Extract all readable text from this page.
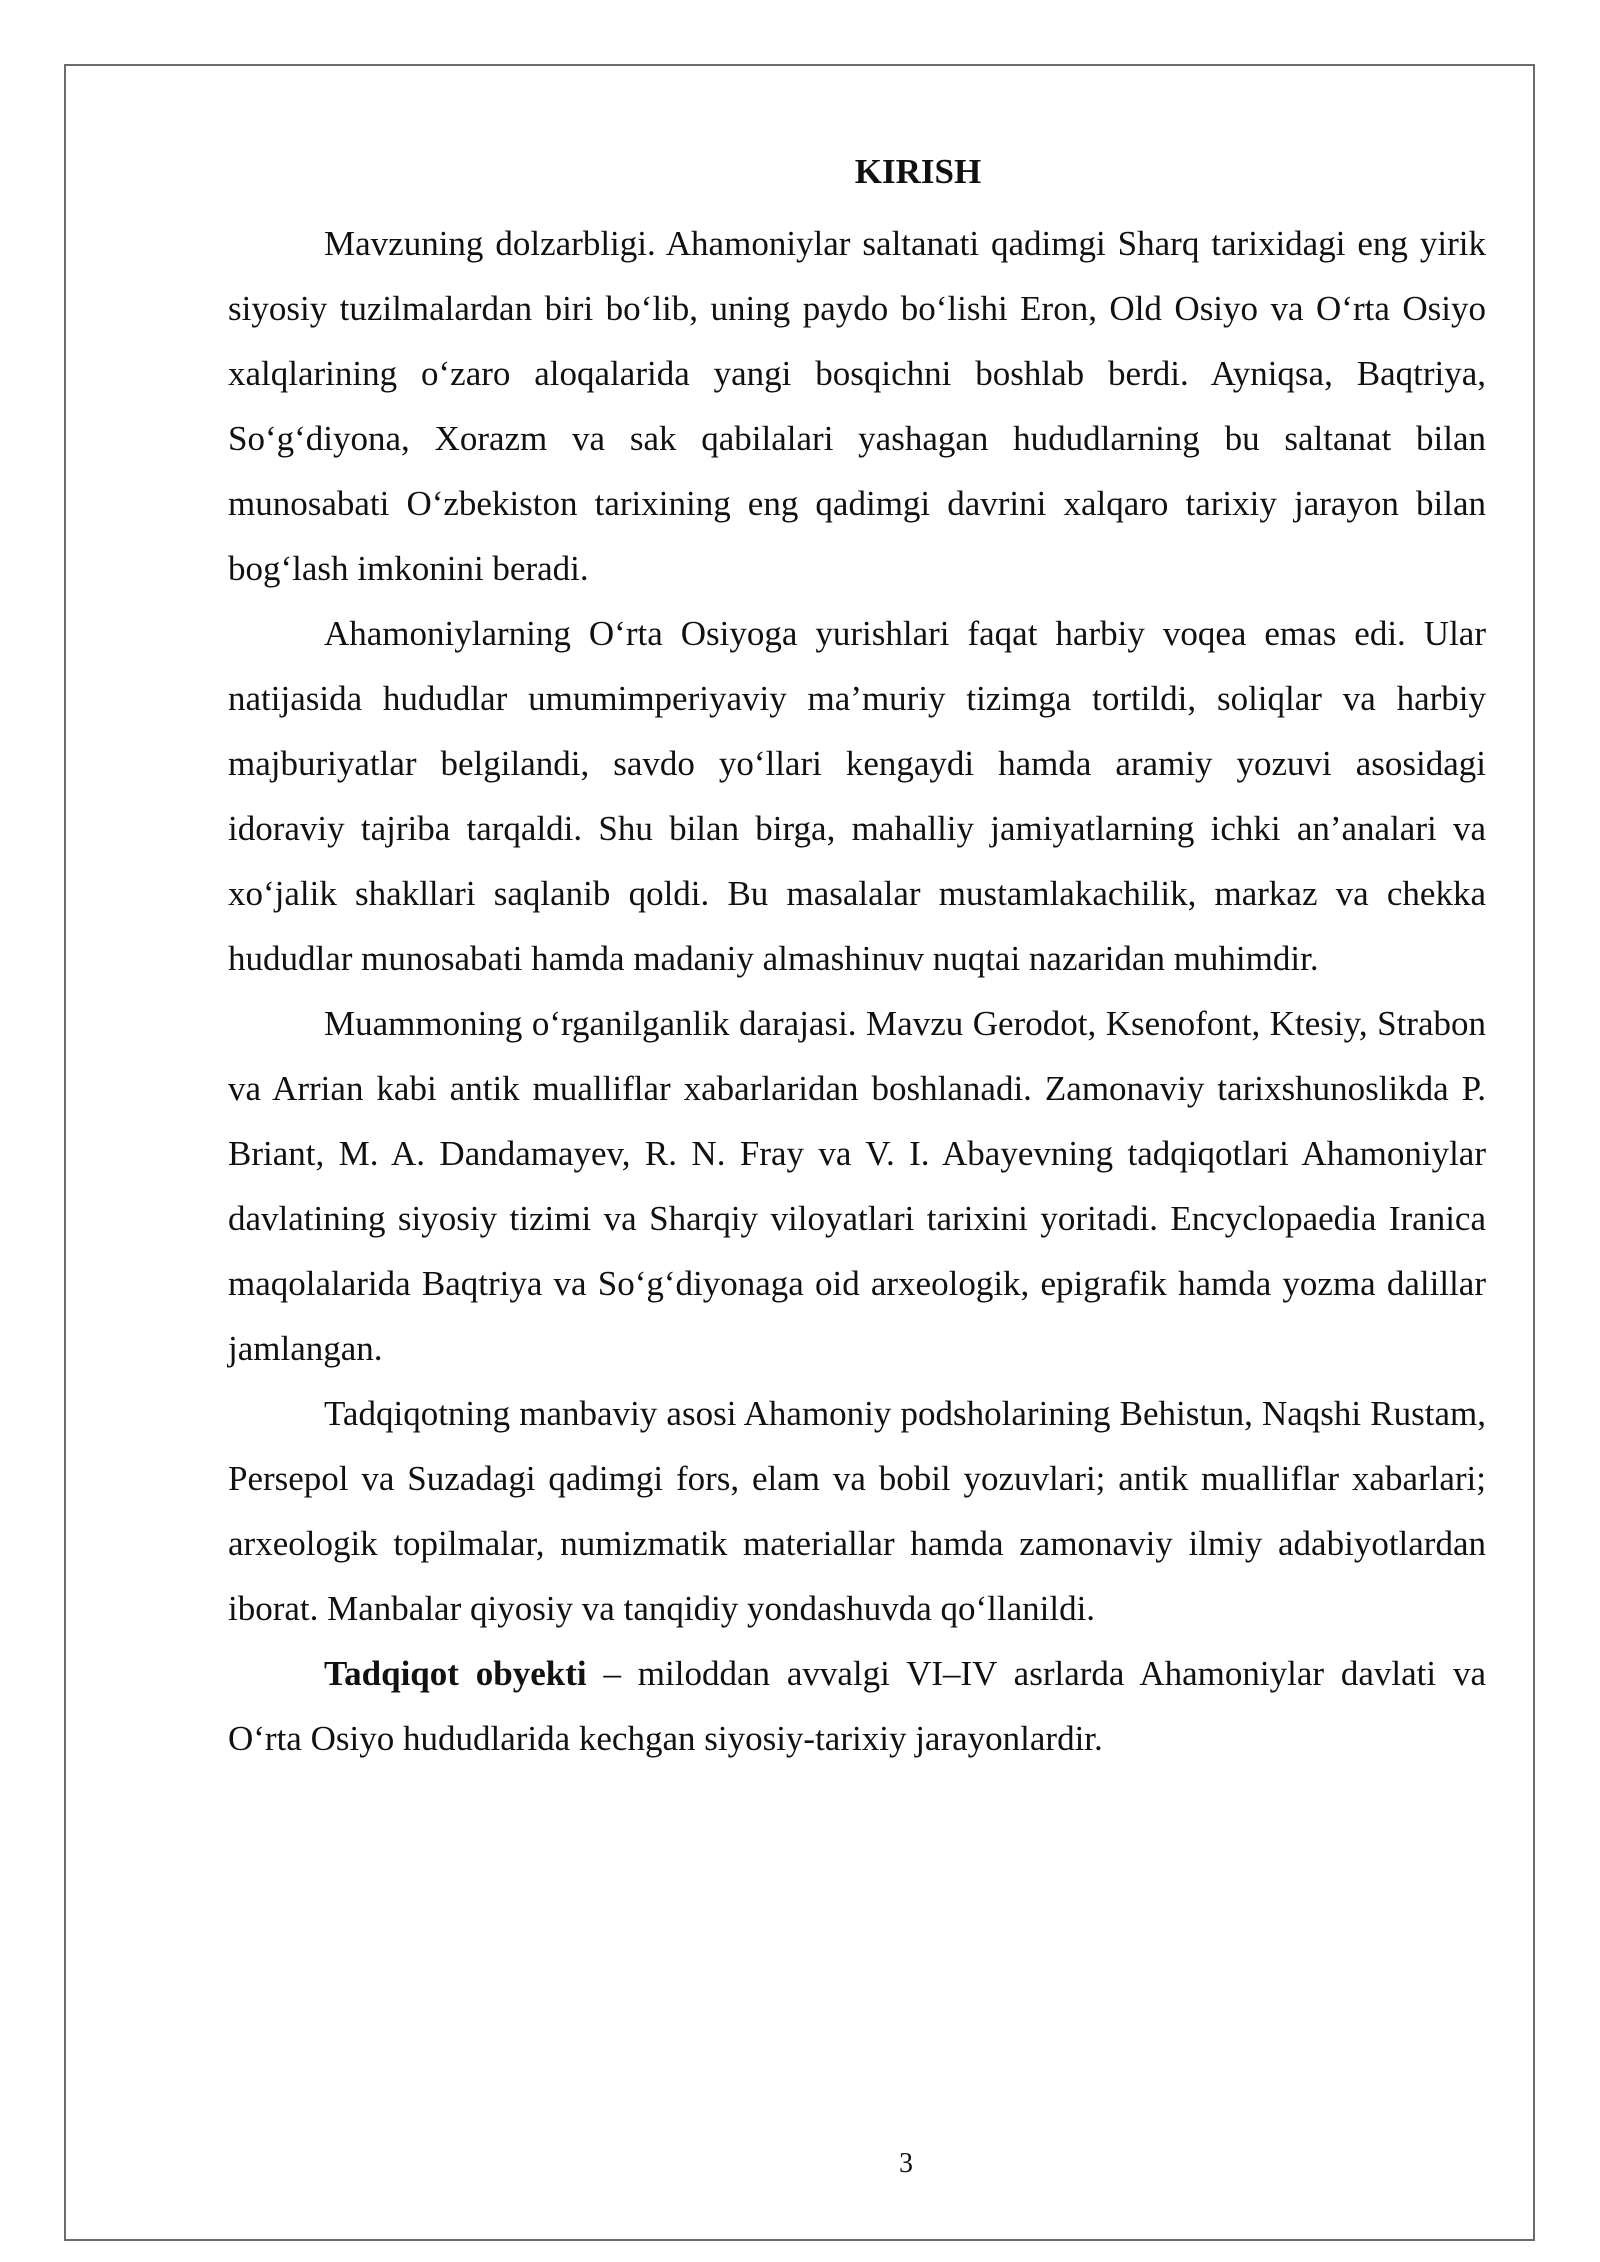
KIRISH

Mavzuning dolzarbligi. Ahamoniylar saltanati qadimgi Sharq tarixidagi eng yirik siyosiy tuzilmalardan biri bo‘lib, uning paydo bo‘lishi Eron, Old Osiyo va O‘rta Osiyo xalqlarining o‘zaro aloqalarida yangi bosqichni boshlab berdi. Ayniqsa, Baqtriya, So‘g‘diyona, Xorazm va sak qabilalari yashagan hududlarning bu saltanat bilan munosabati O‘zbekiston tarixining eng qadimgi davrini xalqaro tarixiy jarayon bilan bog‘lash imkonini beradi.

Ahamoniylarning O‘rta Osiyoga yurishlari faqat harbiy voqea emas edi. Ular natijasida hududlar umumimperiyaviy ma’muriy tizimga tortildi, soliqlar va harbiy majburiyatlar belgilandi, savdo yo‘llari kengaydi hamda aramiy yozuvi asosidagi idoraviy tajriba tarqaldi. Shu bilan birga, mahalliy jamiyatlarning ichki an’analari va xo‘jalik shakllari saqlanib qoldi. Bu masalalar mustamlakachilik, markaz va chekka hududlar munosabati hamda madaniy almashinuv nuqtai nazaridan muhimdir.

Muammoning o‘rganilganlik darajasi. Mavzu Gerodot, Ksenofont, Ktesiy, Strabon va Arrian kabi antik mualliflar xabarlaridan boshlanadi. Zamonaviy tarixshunoslikda P. Briant, M. A. Dandamayev, R. N. Fray va V. I. Abayevning tadqiqotlari Ahamoniylar davlatining siyosiy tizimi va Sharqiy viloyatlari tarixini yoritadi. Encyclopaedia Iranica maqolalarida Baqtriya va So‘g‘diyonaga oid arxeologik, epigrafik hamda yozma dalillar jamlangan.

Tadqiqotning manbaviy asosi Ahamoniy podsholarining Behistun, Naqshi Rustam, Persepol va Suzadagi qadimgi fors, elam va bobil yozuvlari; antik mualliflar xabarlari; arxeologik topilmalar, numizmatik materiallar hamda zamonaviy ilmiy adabiyotlardan iborat. Manbalar qiyosiy va tanqidiy yondashuvda qo‘llanildi.

Tadqiqot obyekti – miloddan avvalgi VI–IV asrlarda Ahamoniylar davlati va O‘rta Osiyo hududlarida kechgan siyosiy-tarixiy jarayonlardir.

3
